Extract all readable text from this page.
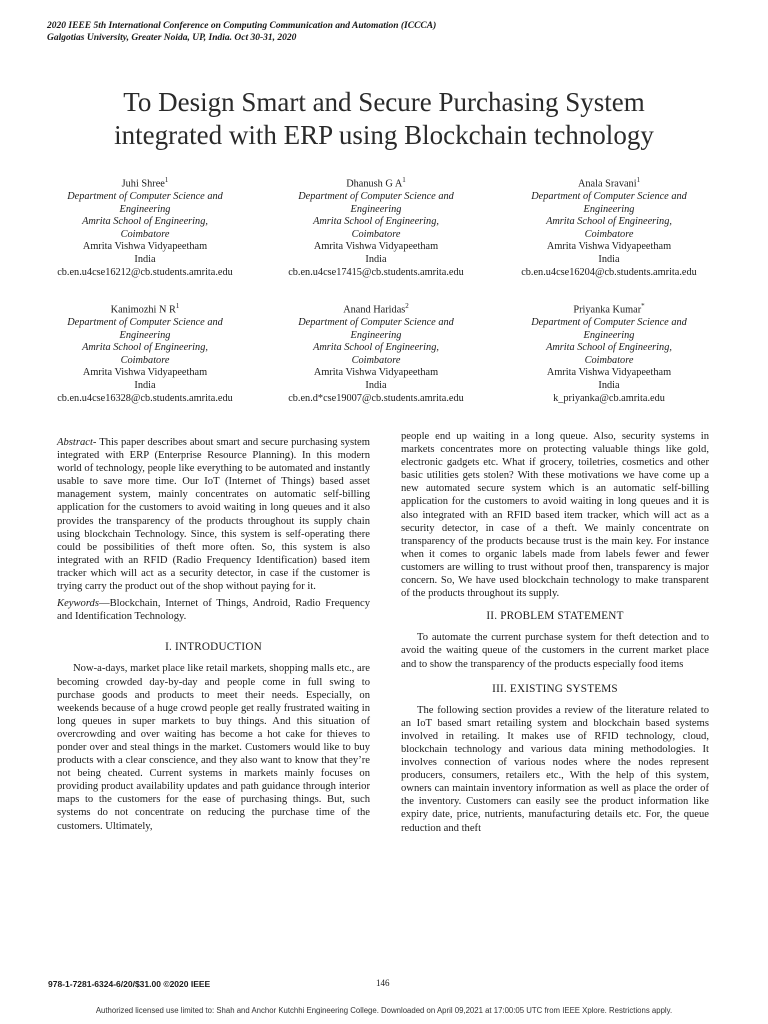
2020 IEEE 5th International Conference on Computing Communication and Automation (ICCCA)
Galgotias University, Greater Noida, UP, India. Oct 30-31, 2020
To Design Smart and Secure Purchasing System
integrated with ERP using Blockchain technology
Juhi Shree$^1$
Department of Computer Science and
Engineering
Amrita School of Engineering,
Coimbatore
Amrita Vishwa Vidyapeetham
India
cb.en.u4cse16212@cb.students.amrita.edu
Dhanush G $A^1$
Department of Computer Science and
Engineering
Amrita School of Engineering,
Coimbatore
Amrita Vishwa Vidyapeetham
India
cb.en.u4cse17415@cb.students.amrita.edu
Anala Sravani$^1$
Department of Computer Science and
Engineering
Amrita School of Engineering,
Coimbatore
Amrita Vishwa Vidyapeetham
India
cb.en.u4cse16204@cb.students.amrita.edu
Kanimozhi N $R^1$
Department of Computer Science and
Engineering
Amrita School of Engineering,
Coimbatore
Amrita Vishwa Vidyapeetham
India
cb.en.u4cse16328@cb.students.amrita.edu
Anand Haridas$^2$
Department of Computer Science and
Engineering
Amrita School of Engineering,
Coimbatore
Amrita Vishwa Vidyapeetham
India
cb.en.d*cse19007@cb.students.amrita.edu
Priyanka Kumar*
Department of Computer Science and
Engineering
Amrita School of Engineering,
Coimbatore
Amrita Vishwa Vidyapeetham
India
k_priyanka@cb.amrita.edu

Abstract- This paper describes about smart and secure purchasing system integrated with ERP (Enterprise Resource Planning). In this modern world of technology, people like everything to be automated and instantly usable to save more time. Our IoT (Internet of Things) based asset management system, mainly concentrates on automatic self-billing application for the customers to avoid waiting in long queues and it also provides the transparency of the products throughout its supply chain using blockchain Technology. Since, this system is self-operating there could be possibilities of theft more often. So, this system is also integrated with an RFID (Radio Frequency Identification) based item tracker which will act as a security detector, in case if the customer is trying carry the product out of the shop without paying for it.

Keywords—Blockchain, Internet of Things, Android, Radio Frequency and Identification Technology.

I. INTRODUCTION

Now-a-days, market place like retail markets, shopping malls etc., are becoming crowded day-by-day and people come in full swing to purchase goods and products to meet their needs. Especially, on weekends because of a huge crowd people get really frustrated waiting in long queues in super markets to buy things. And this situation of overcrowding and over waiting has become a hot cake for thieves to ponder over and steal things in the market. Customers would like to buy products with a clear conscience, and they also want to know that they’re not being cheated. Current systems in markets mainly focuses on providing product availability updates and path guidance through interior maps to the customers for the ease of purchasing things. But, such systems do not concentrate on reducing the purchase time of the customers. Ultimately,

people end up waiting in a long queue. Also, security systems in markets concentrates more on protecting valuable things like gold, electronic gadgets etc. What if grocery, toiletries, cosmetics and other basic utilities gets stolen? With these motivations we have come up a new automated secure system which is an automatic self-billing application for the customers to avoid waiting in long queues and it is also integrated with an RFID based item tracker, which will act as a security detector, in case of a theft. We mainly concentrate on transparency of the products because trust is the main key. For instance when it comes to organic labels made from labels fewer and fewer customers are willing to trust without proof then, transparency is major concern. So, We have used blockchain technology to make transparent of the products throughout its supply.

II. PROBLEM STATEMENT

To automate the current purchase system for theft detection and to avoid the waiting queue of the customers in the current market place and to show the transparency of the products especially food items

III. EXISTING SYSTEMS

The following section provides a review of the literature related to an IoT based smart retailing system and blockchain based systems involved in retailing. It makes use of RFID technology, cloud, blockchain technology and various data mining methodologies. It involves connection of various nodes where the nodes represent producers, consumers, retailers etc., With the help of this system, owners can maintain inventory information as well as place the order of the inventory. Customers can easily see the product information like expiry date, price, nutrients, manufacturing details etc. For, the queue reduction and theft

978-1-7281-6324-6/20/$31.00 ©2020 IEEE	146
Authorized licensed use limited to: Shah and Anchor Kutchhi Engineering College. Downloaded on April 09,2021 at 17:00:05 UTC from IEEE Xplore. Restrictions apply.
